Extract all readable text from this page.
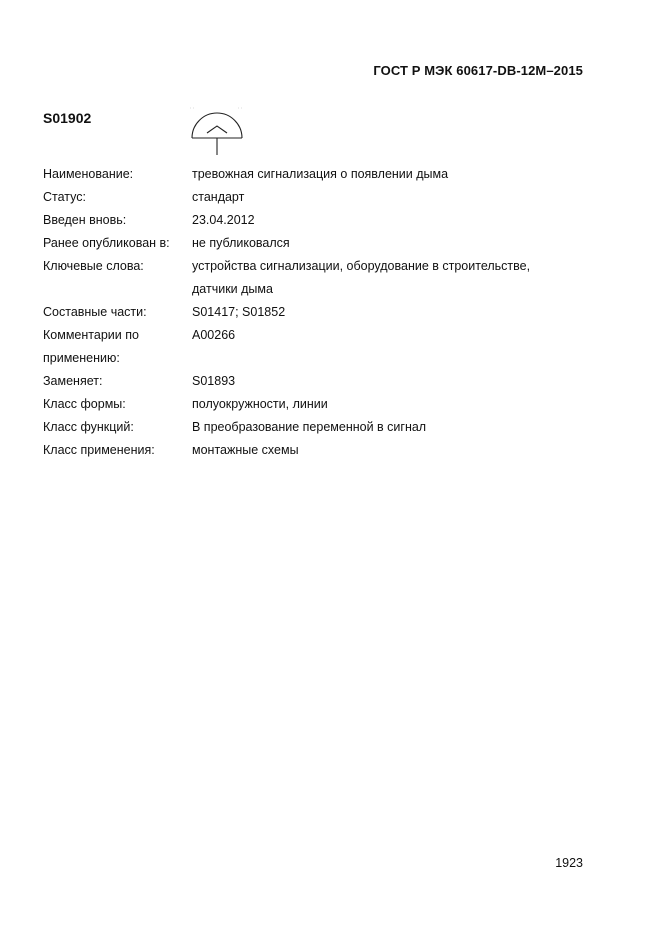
ГОСТ Р МЭК 60617-DB-12M–2015
S01902
Наименование:	тревожная сигнализация о появлении дыма
Статус:	стандарт
Введен вновь:	23.04.2012
Ранее опубликован в:	не публиковался
Ключевые слова:	устройства сигнализации, оборудование в строительстве, датчики дыма
Составные части:	S01417; S01852
Комментарии по применению:	A00266
Заменяет:	S01893
Класс формы:	полуокружности, линии
Класс функций:	В преобразование переменной в сигнал
Класс применения:	монтажные схемы
1923
